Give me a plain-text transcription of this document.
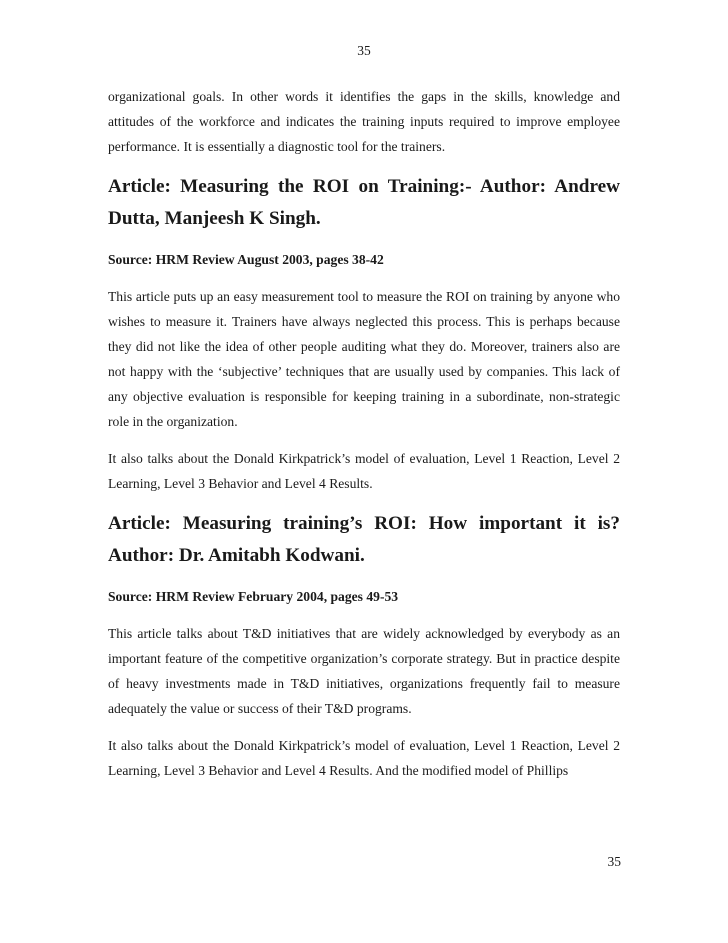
35

organizational goals. In other words it identifies the gaps in the skills, knowledge and attitudes of the workforce and indicates the training inputs required to improve employee performance. It is essentially a diagnostic tool for the trainers.

Article: Measuring the ROI on Training:- Author: Andrew Dutta, Manjeesh K Singh.

Source: HRM Review August 2003, pages 38-42

This article puts up an easy measurement tool to measure the ROI on training by anyone who wishes to measure it. Trainers have always neglected this process. This is perhaps because they did not like the idea of other people auditing what they do. Moreover, trainers also are not happy with the ‘subjective’ techniques that are usually used by companies. This lack of any objective evaluation is responsible for keeping training in a subordinate, non-strategic role in the organization.

It also talks about the Donald Kirkpatrick’s model of evaluation, Level 1 Reaction, Level 2 Learning, Level 3 Behavior and Level 4 Results.

Article: Measuring training’s ROI: How important it is? Author: Dr. Amitabh Kodwani.

Source: HRM Review February 2004, pages 49-53

This article talks about T&D initiatives that are widely acknowledged by everybody as an important feature of the competitive organization’s corporate strategy. But in practice despite of heavy investments made in T&D initiatives, organizations frequently fail to measure adequately the value or success of their T&D programs.

It also talks about the Donald Kirkpatrick’s model of evaluation, Level 1 Reaction, Level 2 Learning, Level 3 Behavior and Level 4 Results. And the modified model of Phillips

35
